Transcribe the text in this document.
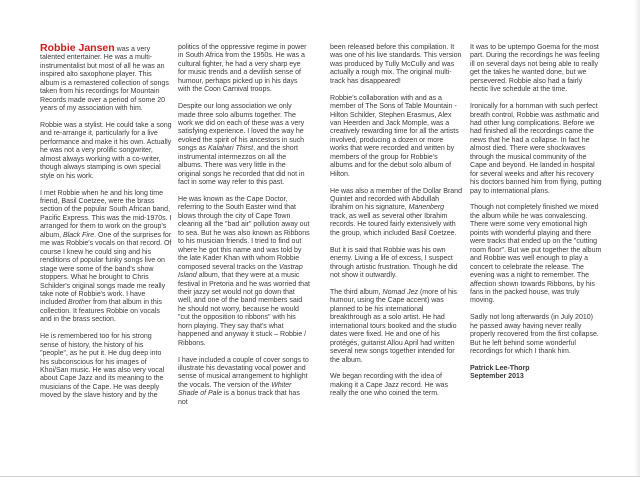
Robbie Jansen was a very talented entertainer. He was a multi-instrumentalist but most of all he was an inspired alto saxophone player. This album is a remastered collection of songs taken from his recordings for Mountain Records made over a period of some 20 years of my association with him.

Robbie was a stylist. He could take a song and re-arrange it, particularly for a live performance and make it his own. Actually he was not a very prolific songwriter, almost always working with a co-writer, though always stamping is own special style on his work.

I met Robbie when he and his long time friend, Basil Coetzee, were the brass section of the popular South African band, Pacific Express. This was the mid-1970s. I arranged for them to work on the group's album, Black Fire. One of the surprises for me was Robbie's vocals on that record. Of course I knew he could sing and his renditions of popular funky songs live on stage were some of the band's show stoppers. What he brought to Chris Schilder's original songs made me really take note of Robbie's work. I have included Brother from that album in this collection. It features Robbie on vocals and in the brass section.

He is remembered too for his strong sense of history, the history of his "people", as he put it. He dug deep into his subconscious for his images of Khoi/San music. He was also very vocal about Cape Jazz and its meaning to the musicians of the Cape. He was deeply moved by the slave history and by the

politics of the oppressive regime in power in South Africa from the 1950s. He was a cultural fighter, he had a very sharp eye for music trends and a devilish sense of humour, perhaps picked up in his days with the Coon Carnival troops.

Despite our long association we only made three solo albums together. The work we did on each of these was a very satisfying experience. I loved the way he evoked the spirit of his ancestors in such songs as Kalahari Thirst, and the short instrumental intermezzos on all the albums. There was very little in the original songs he recorded that did not in fact in some way refer to this past.

He was known as the Cape Doctor, referring to the South Easter wind that blows through the city of Cape Town clearing all the "bad air" pollution away out to sea. But he was also known as Ribbons to his musician friends. I tried to find out where he got this name and was told by the late Kader Khan with whom Robbie composed several tracks on the Vastrap Island album, that they were at a music festival in Pretoria and he was worried that their jazzy set would not go down that well, and one of the band members said he should not worry, because he would "cut the opposition to ribbons" with his horn playing. They say that's what happened and anyway it stuck – Robbie / Ribbons.

I have included a couple of cover songs to illustrate his devastating vocal power and sense of musical arrangement to highlight the vocals. The version of the Whiter Shade of Pale is a bonus track that has not

been released before this compilation. It was one of his live standards. This version was produced by Tully McCully and was actually a rough mix. The original multi-track has disappeared!

Robbie's collaboration with and as a member of The Sons of Table Mountain - Hilton Schilder, Stephen Erasmus, Alex van Heerden and Jack Momple, was a creatively rewarding time for all the artists involved, producing a dozen or more works that were recorded and written by members of the group for Robbie's albums and for the debut solo album of Hilton.

He was also a member of the Dollar Brand Quintet and recorded with Abdullah Ibrahim on his signature, Manenberg track, as well as several other Ibrahim records. He toured fairly extensively with the group, which included Basil Coetzee.

But it is said that Robbie was his own enemy. Living a life of excess, I suspect through artistic frustration. Though he did not show it outwardly.

The third album, Nomad Jez (more of his humour, using the Cape accent) was planned to be his international breakthrough as a solo artist. He had international tours booked and the studio dates were fixed. He and one of his protégés, guitarist Allou April had written several new songs together intended for the album.

We began recording with the idea of making it a Cape Jazz record. He was really the one who coined the term.

It was to be uptempo Goema for the most part. During the recordings he was feeling ill on several days not being able to really get the takes he wanted done, but we persevered. Robbie also had a fairly hectic live schedule at the time.

Ironically for a hornman with such perfect breath control, Robbie was asthmatic and had other lung complications. Before we had finished all the recordings came the news that he had a collapse. In fact he almost died. There were shockwaves through the musical community of the Cape and beyond. He landed in hospital for several weeks and after his recovery his doctors banned him from flying, putting pay to international plans.

Though not completely finished we mixed the album while he was convalescing. There were some very emotional high points with wonderful playing and there were tracks that ended up on the "cutting room floor". But we put together the album and Robbie was well enough to play a concert to celebrate the release. The evening was a night to remember. The affection shown towards Ribbons, by his fans in the packed house, was truly moving.

Sadly not long afterwards (in July 2010) he passed away having never really properly recovered from the first collapse. But he left behind some wonderful recordings for which I thank him.

Patrick Lee-Thorp
September 2013
